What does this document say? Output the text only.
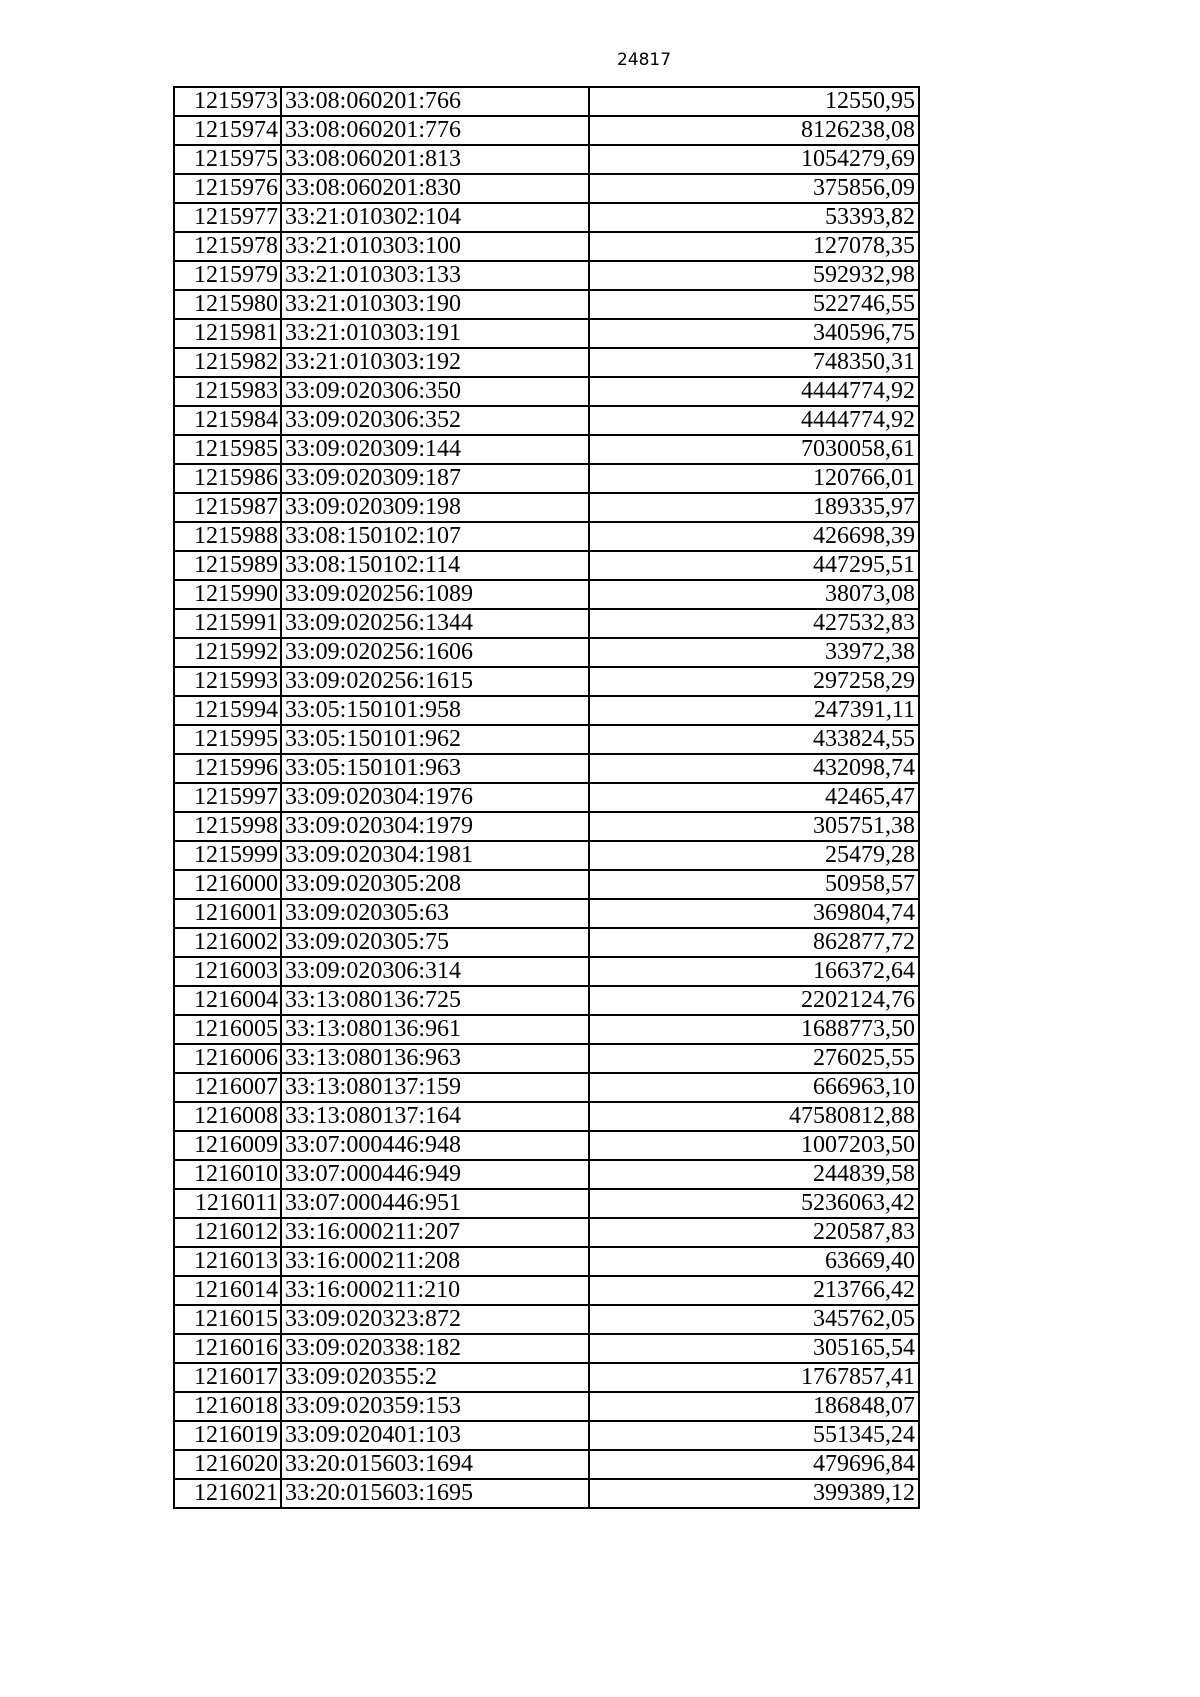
24817
1215973	33:08:060201:766	12550,95
1215974	33:08:060201:776	8126238,08
1215975	33:08:060201:813	1054279,69
1215976	33:08:060201:830	375856,09
1215977	33:21:010302:104	53393,82
1215978	33:21:010303:100	127078,35
1215979	33:21:010303:133	592932,98
1215980	33:21:010303:190	522746,55
1215981	33:21:010303:191	340596,75
1215982	33:21:010303:192	748350,31
1215983	33:09:020306:350	4444774,92
1215984	33:09:020306:352	4444774,92
1215985	33:09:020309:144	7030058,61
1215986	33:09:020309:187	120766,01
1215987	33:09:020309:198	189335,97
1215988	33:08:150102:107	426698,39
1215989	33:08:150102:114	447295,51
1215990	33:09:020256:1089	38073,08
1215991	33:09:020256:1344	427532,83
1215992	33:09:020256:1606	33972,38
1215993	33:09:020256:1615	297258,29
1215994	33:05:150101:958	247391,11
1215995	33:05:150101:962	433824,55
1215996	33:05:150101:963	432098,74
1215997	33:09:020304:1976	42465,47
1215998	33:09:020304:1979	305751,38
1215999	33:09:020304:1981	25479,28
1216000	33:09:020305:208	50958,57
1216001	33:09:020305:63	369804,74
1216002	33:09:020305:75	862877,72
1216003	33:09:020306:314	166372,64
1216004	33:13:080136:725	2202124,76
1216005	33:13:080136:961	1688773,50
1216006	33:13:080136:963	276025,55
1216007	33:13:080137:159	666963,10
1216008	33:13:080137:164	47580812,88
1216009	33:07:000446:948	1007203,50
1216010	33:07:000446:949	244839,58
1216011	33:07:000446:951	5236063,42
1216012	33:16:000211:207	220587,83
1216013	33:16:000211:208	63669,40
1216014	33:16:000211:210	213766,42
1216015	33:09:020323:872	345762,05
1216016	33:09:020338:182	305165,54
1216017	33:09:020355:2	1767857,41
1216018	33:09:020359:153	186848,07
1216019	33:09:020401:103	551345,24
1216020	33:20:015603:1694	479696,84
1216021	33:20:015603:1695	399389,12
